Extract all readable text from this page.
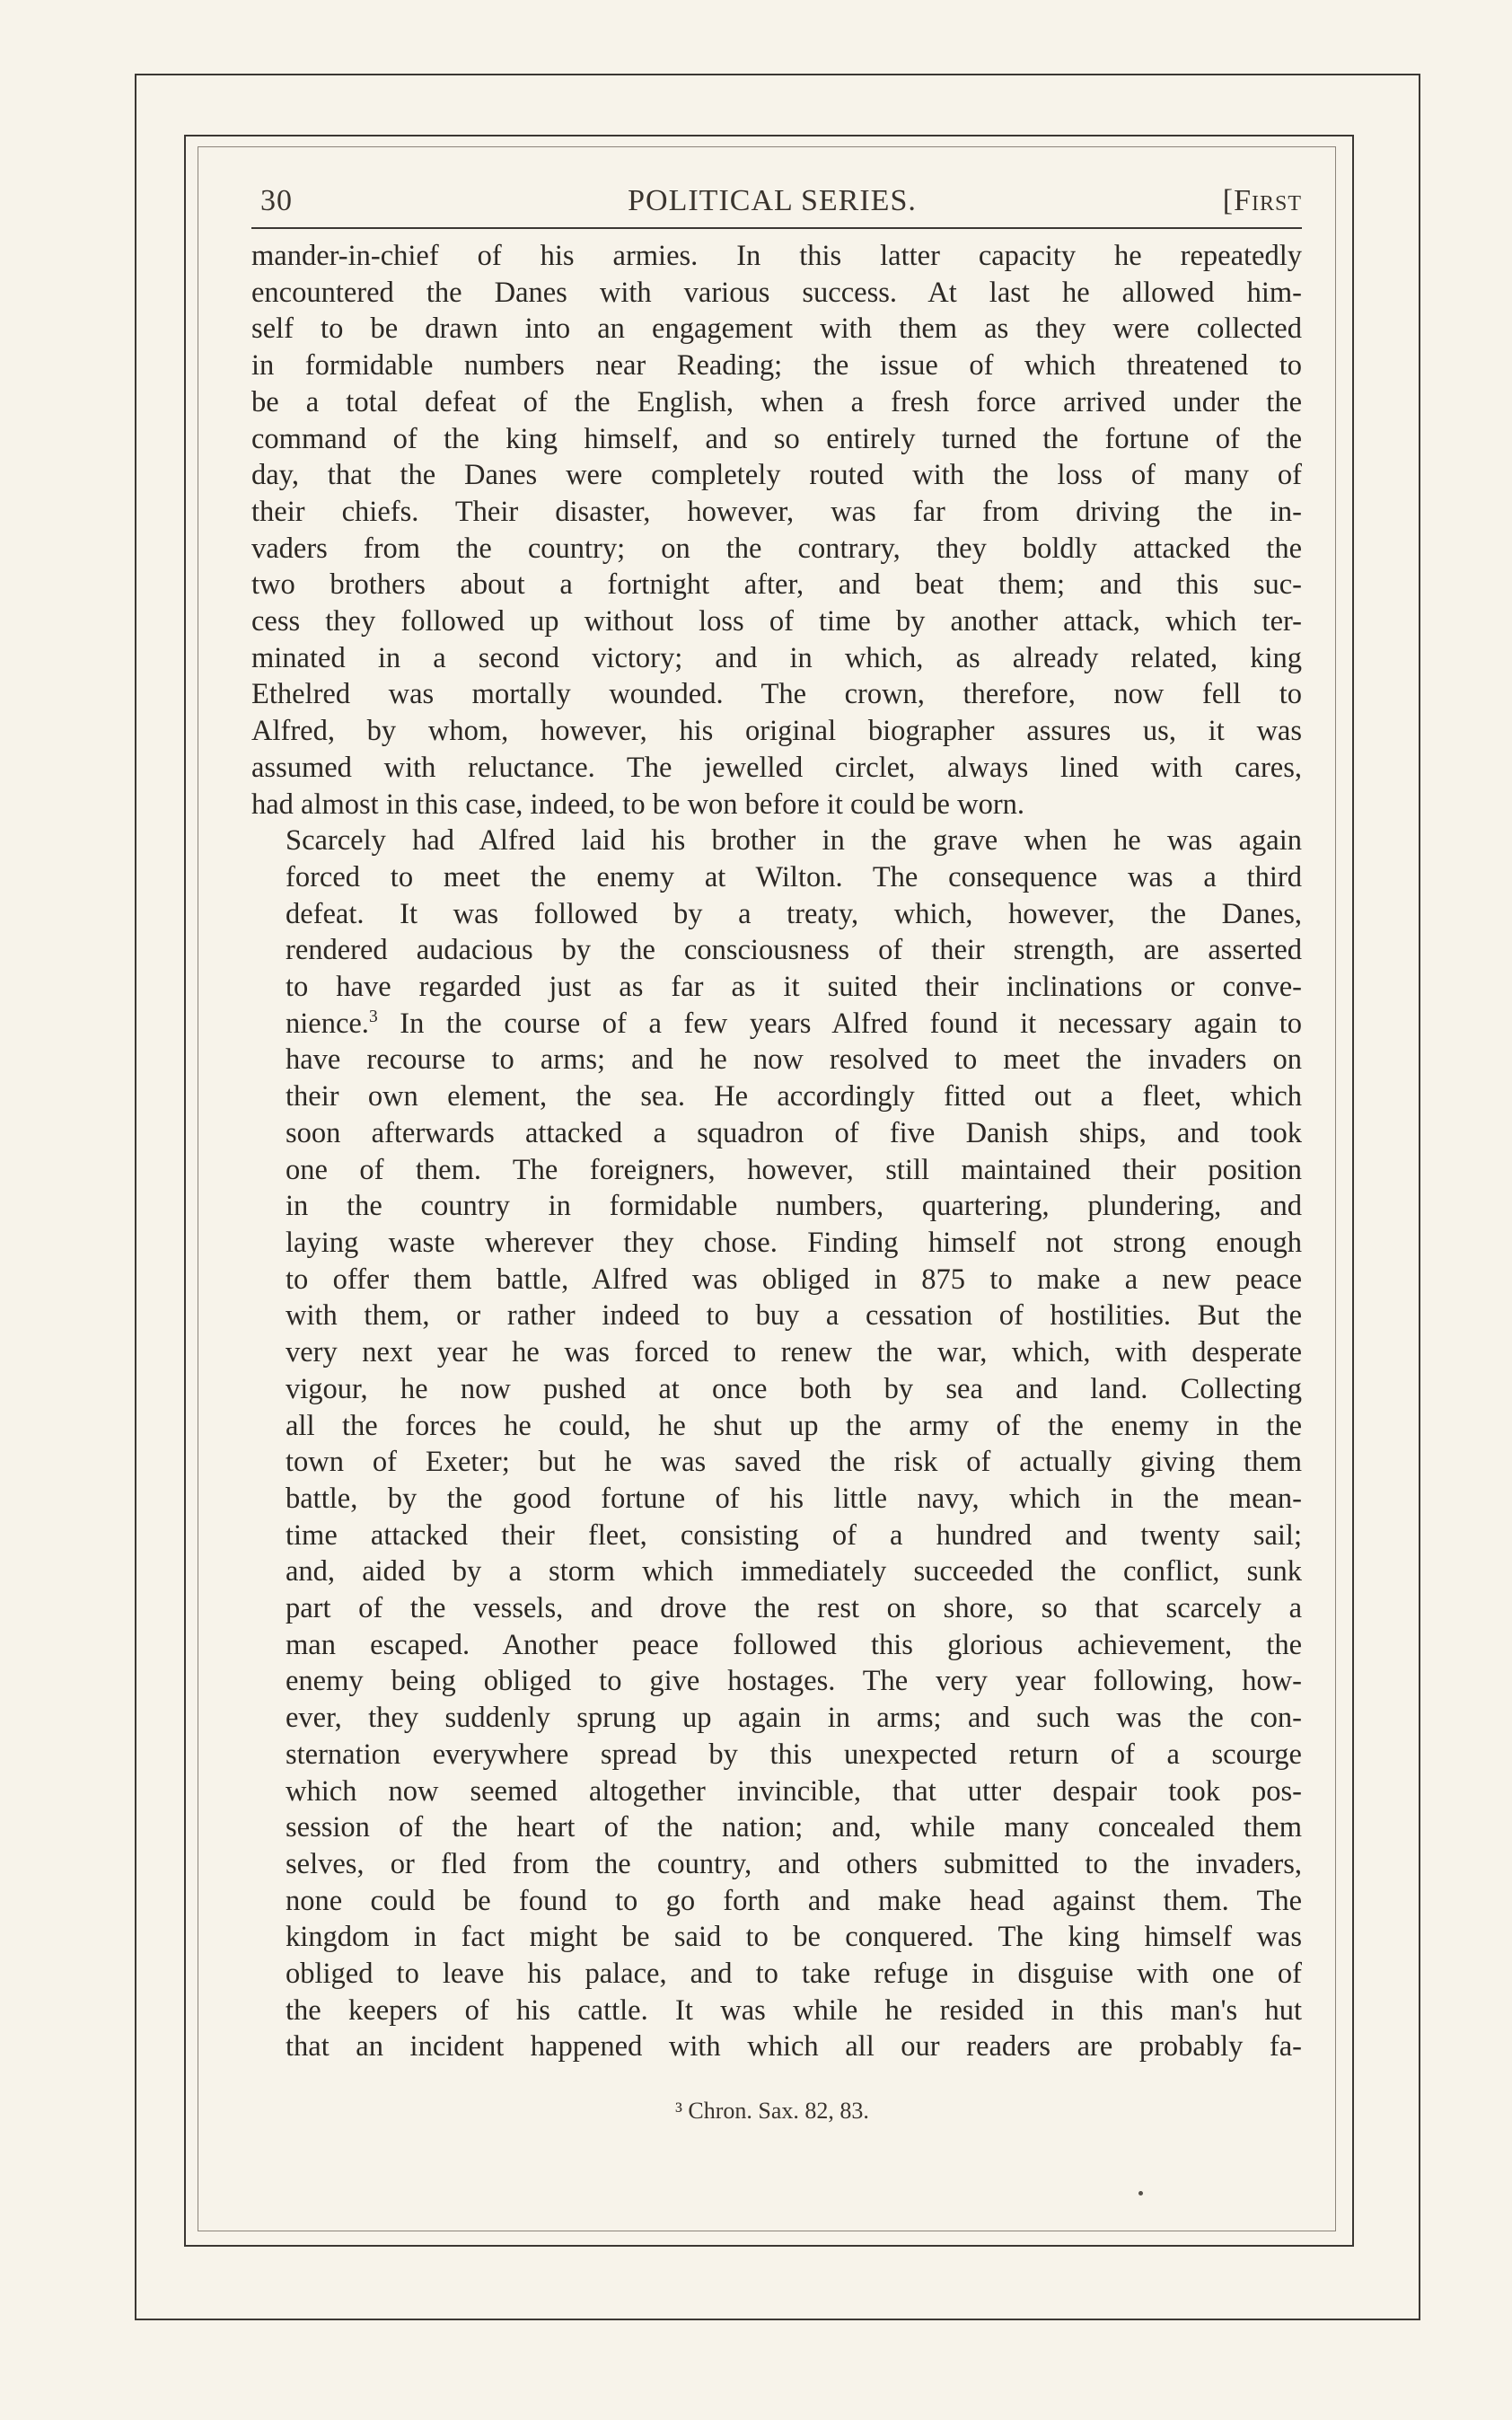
30	POLITICAL SERIES.	[First

mander-in-chief of his armies. In this latter capacity he repeatedly
encountered the Danes with various success. At last he allowed him-
self to be drawn into an engagement with them as they were collected
in formidable numbers near Reading; the issue of which threatened to
be a total defeat of the English, when a fresh force arrived under the
command of the king himself, and so entirely turned the fortune of the
day, that the Danes were completely routed with the loss of many of
their chiefs. Their disaster, however, was far from driving the in-
vaders from the country; on the contrary, they boldly attacked the
two brothers about a fortnight after, and beat them; and this suc-
cess they followed up without loss of time by another attack, which ter-
minated in a second victory; and in which, as already related, king
Ethelred was mortally wounded. The crown, therefore, now fell to
Alfred, by whom, however, his original biographer assures us, it was
assumed with reluctance. The jewelled circlet, always lined with cares,
had almost in this case, indeed, to be won before it could be worn.

Scarcely had Alfred laid his brother in the grave when he was again
forced to meet the enemy at Wilton. The consequence was a third
defeat. It was followed by a treaty, which, however, the Danes,
rendered audacious by the consciousness of their strength, are asserted
to have regarded just as far as it suited their inclinations or conve-
nience.$^3$ In the course of a few years Alfred found it necessary again to
have recourse to arms; and he now resolved to meet the invaders on
their own element, the sea. He accordingly fitted out a fleet, which
soon afterwards attacked a squadron of five Danish ships, and took
one of them. The foreigners, however, still maintained their position
in the country in formidable numbers, quartering, plundering, and
laying waste wherever they chose. Finding himself not strong enough
to offer them battle, Alfred was obliged in 875 to make a new peace
with them, or rather indeed to buy a cessation of hostilities. But the
very next year he was forced to renew the war, which, with desperate
vigour, he now pushed at once both by sea and land. Collecting
all the forces he could, he shut up the army of the enemy in the
town of Exeter; but he was saved the risk of actually giving them
battle, by the good fortune of his little navy, which in the mean-
time attacked their fleet, consisting of a hundred and twenty sail;
and, aided by a storm which immediately succeeded the conflict, sunk
part of the vessels, and drove the rest on shore, so that scarcely a
man escaped. Another peace followed this glorious achievement, the
enemy being obliged to give hostages. The very year following, how-
ever, they suddenly sprung up again in arms; and such was the con-
sternation everywhere spread by this unexpected return of a scourge
which now seemed altogether invincible, that utter despair took pos-
session of the heart of the nation; and, while many concealed them
selves, or fled from the country, and others submitted to the invaders,
none could be found to go forth and make head against them. The
kingdom in fact might be said to be conquered. The king himself was
obliged to leave his palace, and to take refuge in disguise with one of
the keepers of his cattle. It was while he resided in this man's hut
that an incident happened with which all our readers are probably fa-

³ Chron. Sax. 82, 83.
